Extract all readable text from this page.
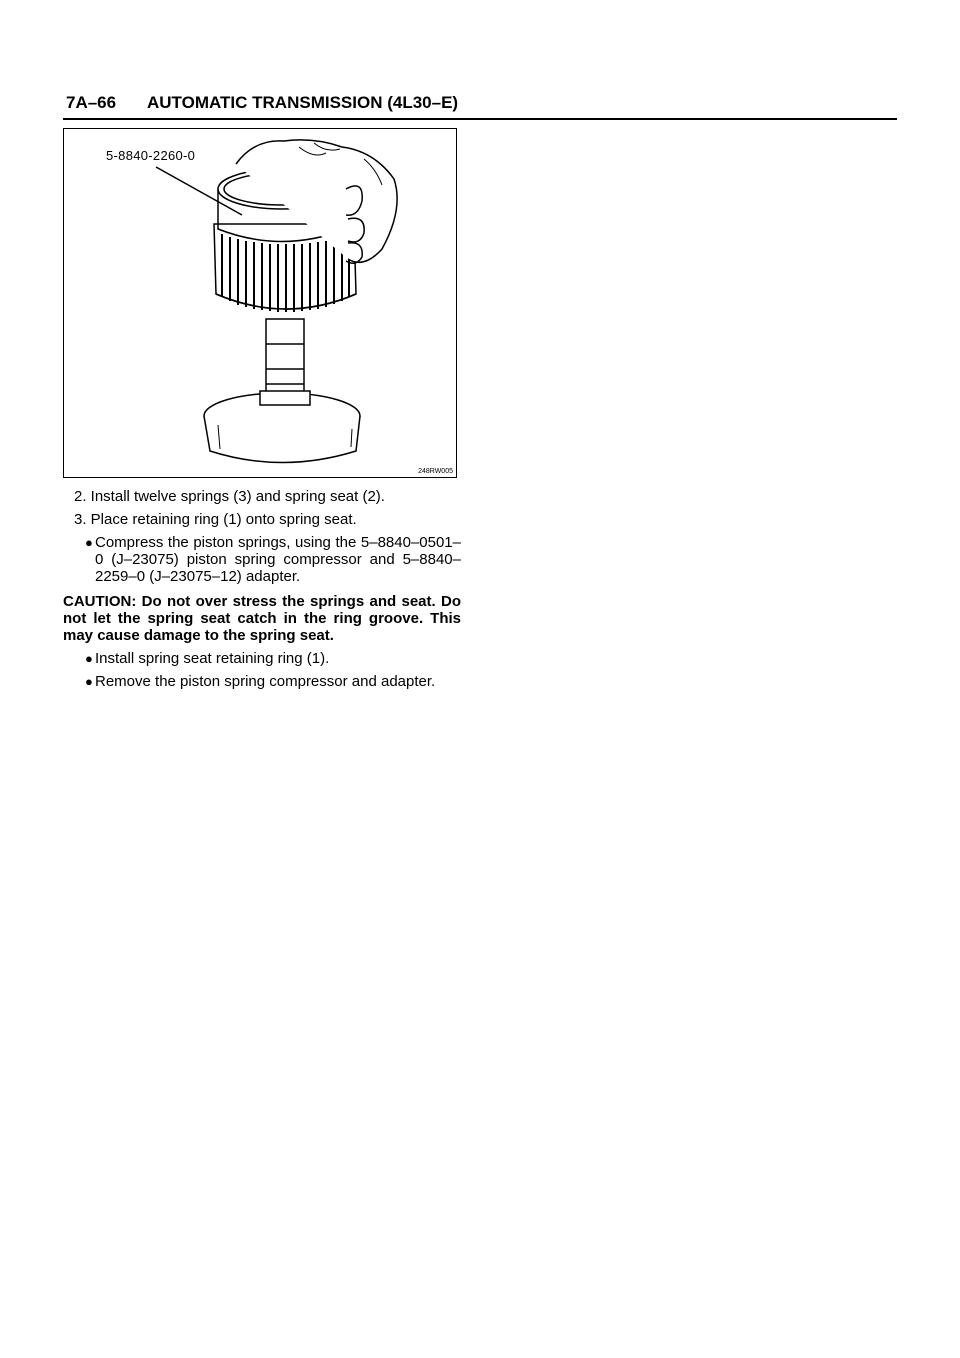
7A–66 AUTOMATIC TRANSMISSION (4L30–E)
5-8840-2260-0
248RW005
2. Install twelve springs (3) and spring seat (2).
3. Place retaining ring (1) onto spring seat.
● Compress the piston springs, using the 5–8840–0501–0 (J–23075) piston spring compressor and 5–8840–2259–0 (J–23075–12) adapter.
CAUTION: Do not over stress the springs and seat. Do not let the spring seat catch in the ring groove. This may cause damage to the spring seat.
● Install spring seat retaining ring (1).
● Remove the piston spring compressor and adapter.
